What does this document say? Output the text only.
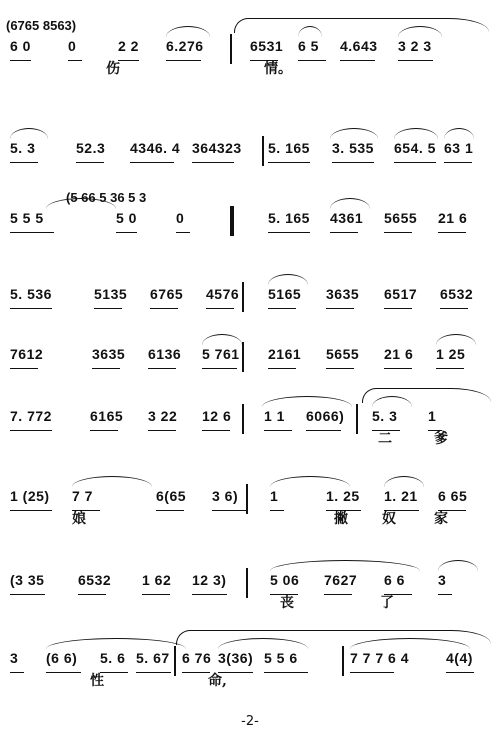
(6765 8563)
6 0	0	2 2 6.276	6531 6 5 4.643 3 2 3
伤	情。
5. 3	52.3 4346. 4 364323 5. 165 3. 535 654. 5 63 1
(5 66 5 36 5 3
5 5 5	5 0	0	5. 165 4361 5655 21 6
5. 536	5135 6765 4576 5165 3635 6517 6532
7612	3635 6136 5 761 2161 5655 21 6 1 25
7. 772	6165 3 22 12 6 1 1 6066) 5. 3 1
二	爹
1 (25) 7 7	6(65 3 6) 1	1. 25 1. 21 6 65
娘	撇 奴	家
(3 35 6532 1 62 12 3)	5 06 7627 6 6 3
丧	了
3 (6 6) 5. 6 5. 67 6 76 3(36) 5 5 6	7 7 7 6 4	4(4)
性	命,
-2-
